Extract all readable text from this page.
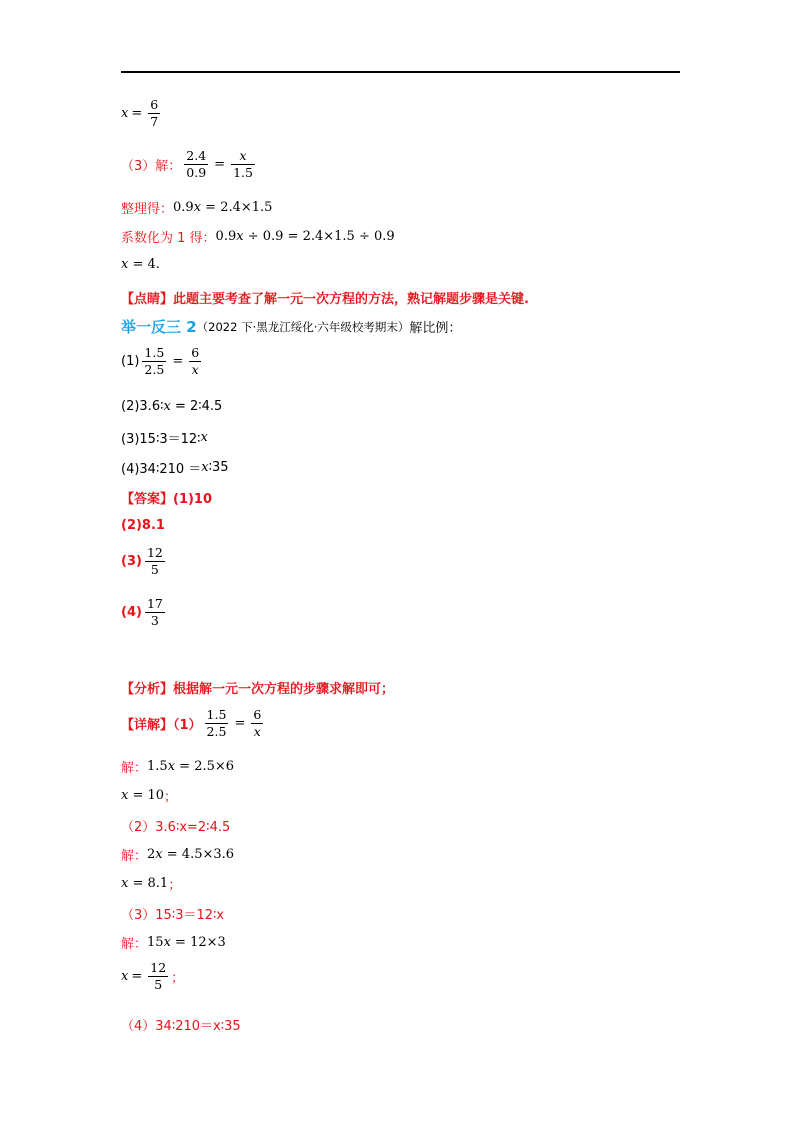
$x = \frac{6}{7}$
（3）解： $\frac{2.4}{0.9} = \frac{x}{1.5}$
整理得： 0.9 x = 2.4×1.5
系数化为 1 得： 0.9 x ÷ 0.9 = 2.4×1.5 ÷ 0.9
x = 4 .
【点睛】此题主要考查了解一元一次方程的方法，熟记解题步骤是关键.
举一反三 2 （2022 下·黑龙江绥化·六年级校考期末） 解比例：
$(1) \frac{1.5}{2.5} = \frac{6}{x}$
(2)3.6∶ x = 2∶4.5
(3)15∶3＝12∶ x
(4)34∶210 ＝ x ∶35
【答案】(1)10
(2)8.1
$(3) \frac{12}{5}$
$(4) \frac{17}{3}$
【分析】根据解一元一次方程的步骤求解即可；
【详解】$(1) \frac{1.5}{2.5} = \frac{6}{x}$
解： 1.5 x = 2.5×6
x = 10 ；
（2）3.6∶x=2∶4.5
解： 2 x = 4.5×3.6
x = 8.1 ；
（3）15∶3＝12∶x
解： 15 x = 12×3
$x = \frac{12}{5}$ ；
（4）34∶210＝x∶35
